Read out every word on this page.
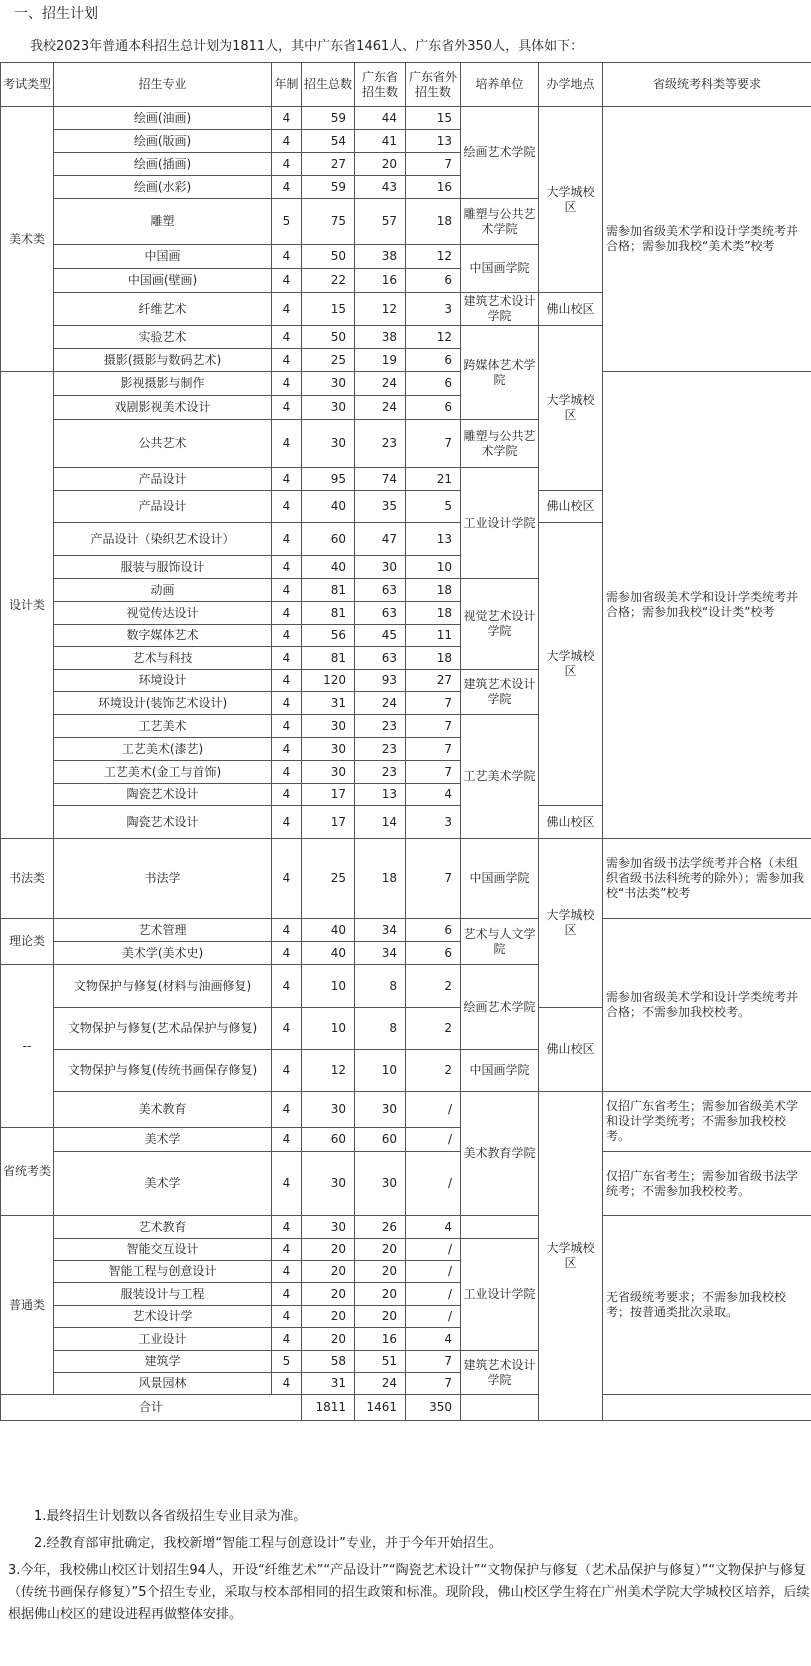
一、招生计划
我校2023年普通本科招生总计划为1811人，其中广东省1461人、广东省外350人，具体如下：
考试类型	招生专业	年制	招生总数	广东省招生数	广东省外招生数	培养单位	办学地点	省级统考科类等要求	
美术类	绘画(油画)	4	59	44	15	绘画艺术学院	大学城校区	需参加省级美术学和设计学类统考并合格；需参加我校“美术类”校考	
	绘画(版画)	4	54	41	13				
	绘画(插画)	4	27	20	7				
	绘画(水彩)	4	59	43	16				
	雕塑	5	75	57	18	雕塑与公共艺术学院			
	中国画	4	50	38	12	中国画学院			
	中国画(壁画)	4	22	16	6				
	纤维艺术	4	15	12	3	建筑艺术设计学院	佛山校区		
	实验艺术	4	50	38	12	跨媒体艺术学院	大学城校区		
	摄影(摄影与数码艺术)	4	25	19	6				
设计类	影视摄影与制作	4	30	24	6			需参加省级美术学和设计学类统考并合格；需参加我校“设计类”校考	
	戏剧影视美术设计	4	30	24	6				
	公共艺术	4	30	23	7	雕塑与公共艺术学院			
	产品设计	4	95	74	21	工业设计学院			
	产品设计	4	40	35	5		佛山校区		
	产品设计（染织艺术设计）	4	60	47	13		大学城校区		
	服装与服饰设计	4	40	30	10				
	动画	4	81	63	18	视觉艺术设计学院			
	视觉传达设计	4	81	63	18				
	数字媒体艺术	4	56	45	11				
	艺术与科技	4	81	63	18				
	环境设计	4	120	93	27	建筑艺术设计学院			
	环境设计(装饰艺术设计)	4	31	24	7				
	工艺美术	4	30	23	7	工艺美术学院			
	工艺美术(漆艺)	4	30	23	7				
	工艺美术(金工与首饰)	4	30	23	7				
	陶瓷艺术设计	4	17	13	4				
	陶瓷艺术设计	4	17	14	3		佛山校区		
书法类	书法学	4	25	18	7	中国画学院	大学城校区	需参加省级书法学统考并合格（未组织省级书法科统考的除外）；需参加我校“书法类”校考	
理论类	艺术管理	4	40	34	6	艺术与人文学院		需参加省级美术学和设计学类统考并合格；不需参加我校校考。	
	美术学(美术史)	4	40	34	6				
--	文物保护与修复(材料与油画修复)	4	10	8	2	绘画艺术学院			
	文物保护与修复(艺术品保护与修复)	4	10	8	2		佛山校区		
	文物保护与修复(传统书画保存修复)	4	12	10	2	中国画学院			
	美术教育	4	30	30	/	美术教育学院	大学城校区	仅招广东省考生；需参加省级美术学和设计学类统考；不需参加我校校考。	
省统考类	美术学	4	60	60	/				
	美术学	4	30	30	/			仅招广东省考生；需参加省级书法学统考；不需参加我校校考。	
普通类	艺术教育	4	30	26	4			无省级统考要求；不需参加我校校考；按普通类批次录取。	
	智能交互设计	4	20	20	/	工业设计学院			
	智能工程与创意设计	4	20	20	/				
	服装设计与工程	4	20	20	/				
	艺术设计学	4	20	20	/				
	工业设计	4	20	16	4				
	建筑学	5	58	51	7	建筑艺术设计学院			
	风景园林	4	31	24	7				
合计			1811	1461	350				

1.最终招生计划数以各省级招生专业目录为准。

2.经教育部审批确定，我校新增“智能工程与创意设计”专业，并于今年开始招生。

3.今年，我校佛山校区计划招生94人，开设“纤维艺术”“产品设计”“陶瓷艺术设计”“文物保护与修复（艺术品保护与修复）”“文物保护与修复（传统书画保存修复）”5个招生专业，采取与校本部相同的招生政策和标准。现阶段，佛山校区学生将在广州美术学院大学城校区培养，后续根据佛山校区的建设进程再做整体安排。
